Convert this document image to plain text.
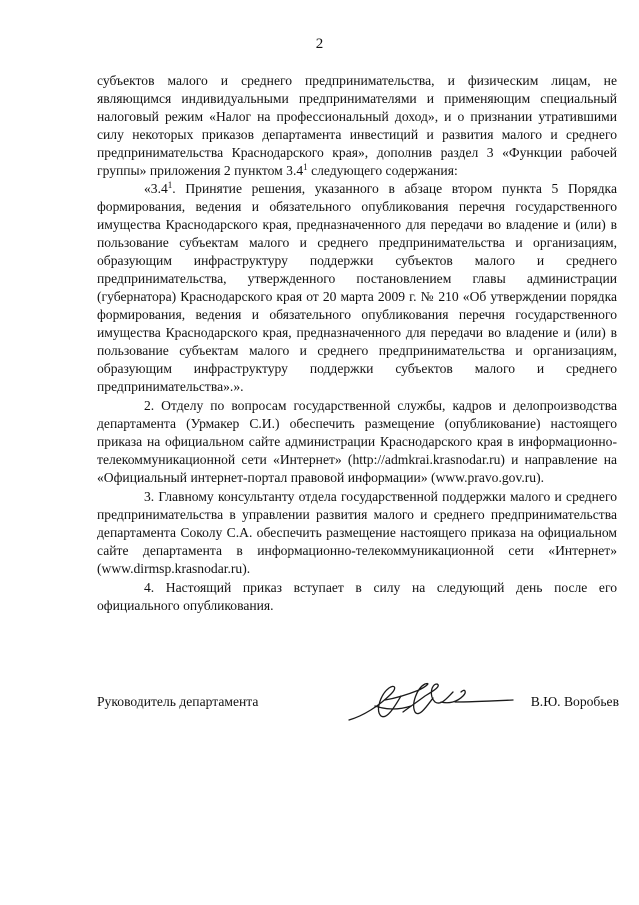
2

субъектов малого и среднего предпринимательства, и физическим лицам, не являющимся индивидуальными предпринимателями и применяющим специальный налоговый режим «Налог на профессиональный доход», и о признании утратившими силу некоторых приказов департамента инвестиций и развития малого и среднего предпринимательства Краснодарского края», дополнив раздел 3 «Функции рабочей группы» приложения 2 пунктом $3.4^1$ следующего содержания:

«$3.4^1$. Принятие решения, указанного в абзаце втором пункта 5 Порядка формирования, ведения и обязательного опубликования перечня государственного имущества Краснодарского края, предназначенного для передачи во владение и (или) в пользование субъектам малого и среднего предпринимательства и организациям, образующим инфраструктуру поддержки субъектов малого и среднего предпринимательства, утвержденного постановлением главы администрации (губернатора) Краснодарского края от 20 марта 2009 г. № 210 «Об утверждении порядка формирования, ведения и обязательного опубликования перечня государственного имущества Краснодарского края, предназначенного для передачи во владение и (или) в пользование субъектам малого и среднего предпринимательства и организациям, образующим инфраструктуру поддержки субъектов малого и среднего предпринимательства».».

2. Отделу по вопросам государственной службы, кадров и делопроизводства департамента (Урмакер С.И.) обеспечить размещение (опубликование) настоящего приказа на официальном сайте администрации Краснодарского края в информационно-телекоммуникационной сети «Интернет» (http://admkrai.krasnodar.ru) и направление на «Официальный интернет-портал правовой информации» (www.pravo.gov.ru).

3. Главному консультанту отдела государственной поддержки малого и среднего предпринимательства в управлении развития малого и среднего предпринимательства департамента Соколу С.А. обеспечить размещение настоящего приказа на официальном сайте департамента в информационно-телекоммуникационной сети «Интернет» (www.dirmsp.krasnodar.ru).

4. Настоящий приказ вступает в силу на следующий день после его официального опубликования.

Руководитель департамента	В.Ю. Воробьев
